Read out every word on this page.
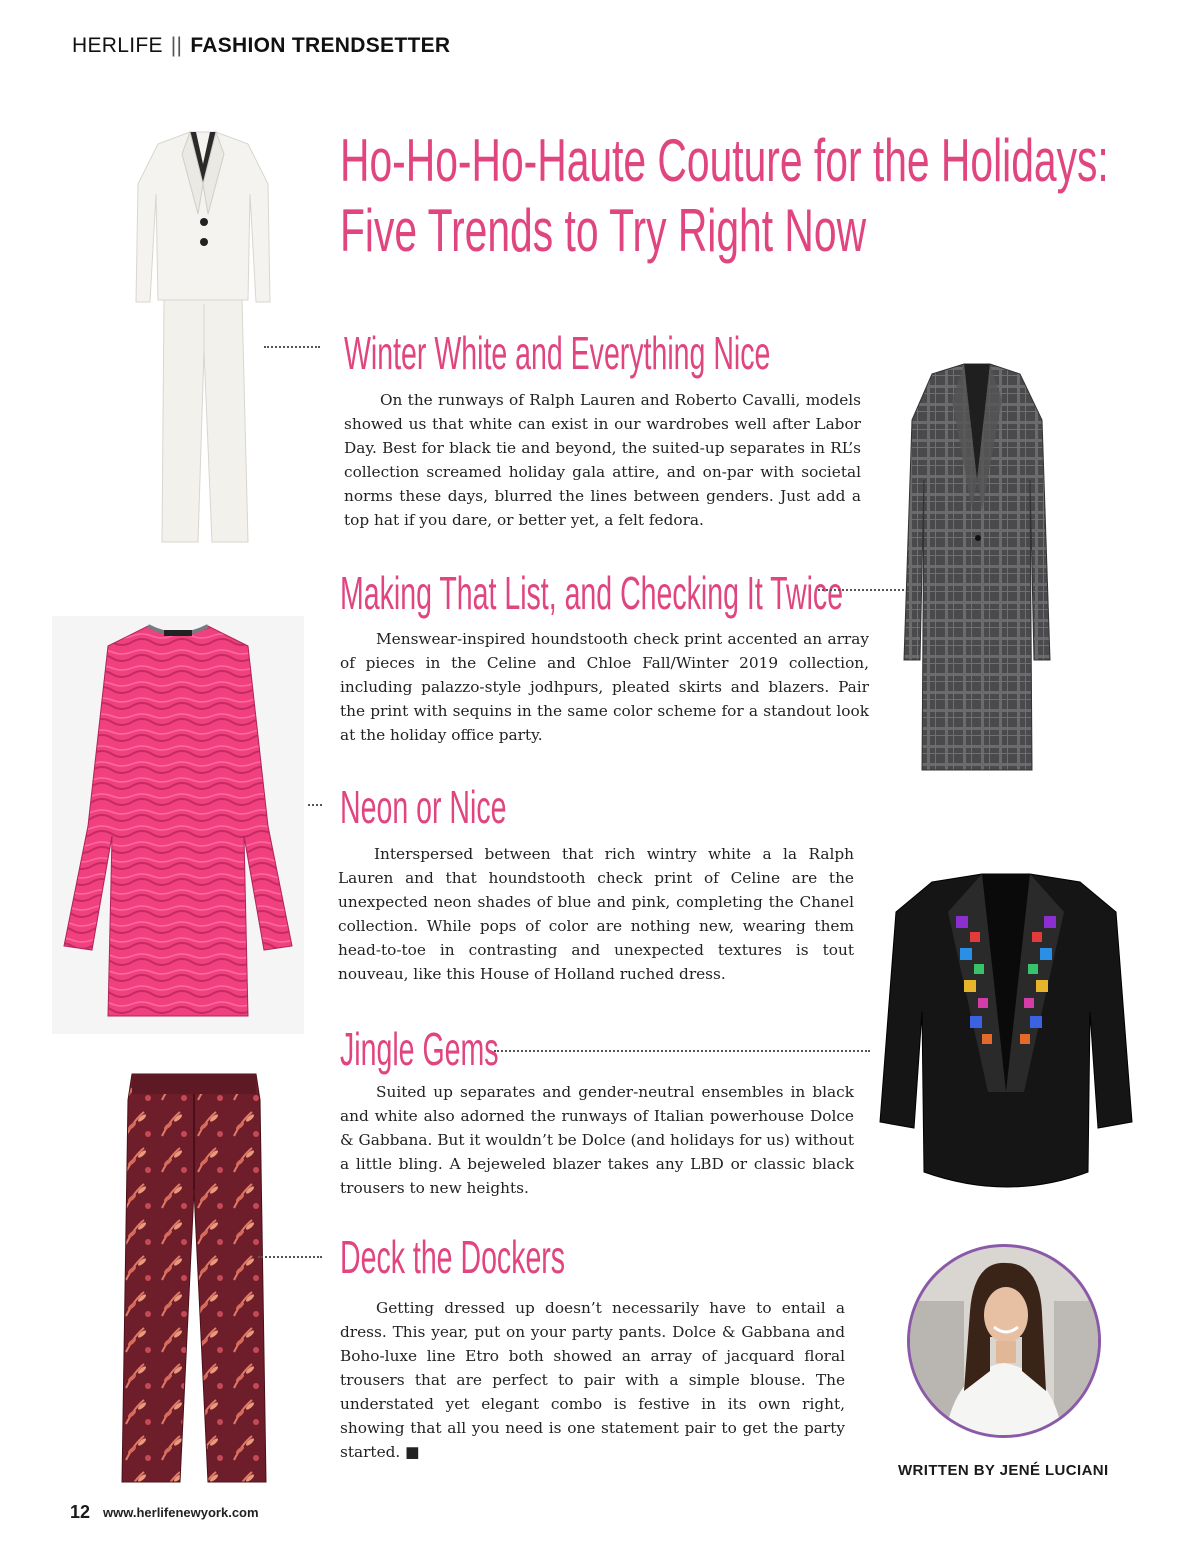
HERLIFE || FASHION TRENDSETTER
Ho-Ho-Ho-Haute Couture for the Holidays:
Five Trends to Try Right Now
Winter White and Everything Nice

On the runways of Ralph Lauren and Roberto Cavalli, models showed us that white can exist in our wardrobes well after Labor Day. Best for black tie and beyond, the suited-up separates in RL’s collection screamed holiday gala attire, and on-par with societal norms these days, blurred the lines between genders. Just add a top hat if you dare, or better yet, a felt fedora.

Making That List, and Checking It Twice

Menswear-inspired houndstooth check print accented an array of pieces in the Celine and Chloe Fall/Winter 2019 collection, including palazzo-style jodhpurs, pleated skirts and blazers. Pair the print with sequins in the same color scheme for a standout look at the holiday office party.

Neon or Nice

Interspersed between that rich wintry white a la Ralph Lauren and that houndstooth check print of Celine are the unexpected neon shades of blue and pink, completing the Chanel collection. While pops of color are nothing new, wearing them head-to-toe in contrasting and unexpected textures is tout nouveau, like this House of Holland ruched dress.

Jingle Gems

Suited up separates and gender-neutral ensembles in black and white also adorned the runways of Italian powerhouse Dolce & Gabbana. But it wouldn’t be Dolce (and holidays for us) without a little bling. A bejeweled blazer takes any LBD or classic black trousers to new heights.

Deck the Dockers

Getting dressed up doesn’t necessarily have to entail a dress. This year, put on your party pants. Dolce & Gabbana and Boho-luxe line Etro both showed an array of jacquard floral trousers that are perfect to pair with a simple blouse. The understated yet elegant combo is festive in its own right, showing that all you need is one statement pair to get the party started. ■

WRITTEN BY JENÉ LUCIANI
12 www.herlifenewyork.com
